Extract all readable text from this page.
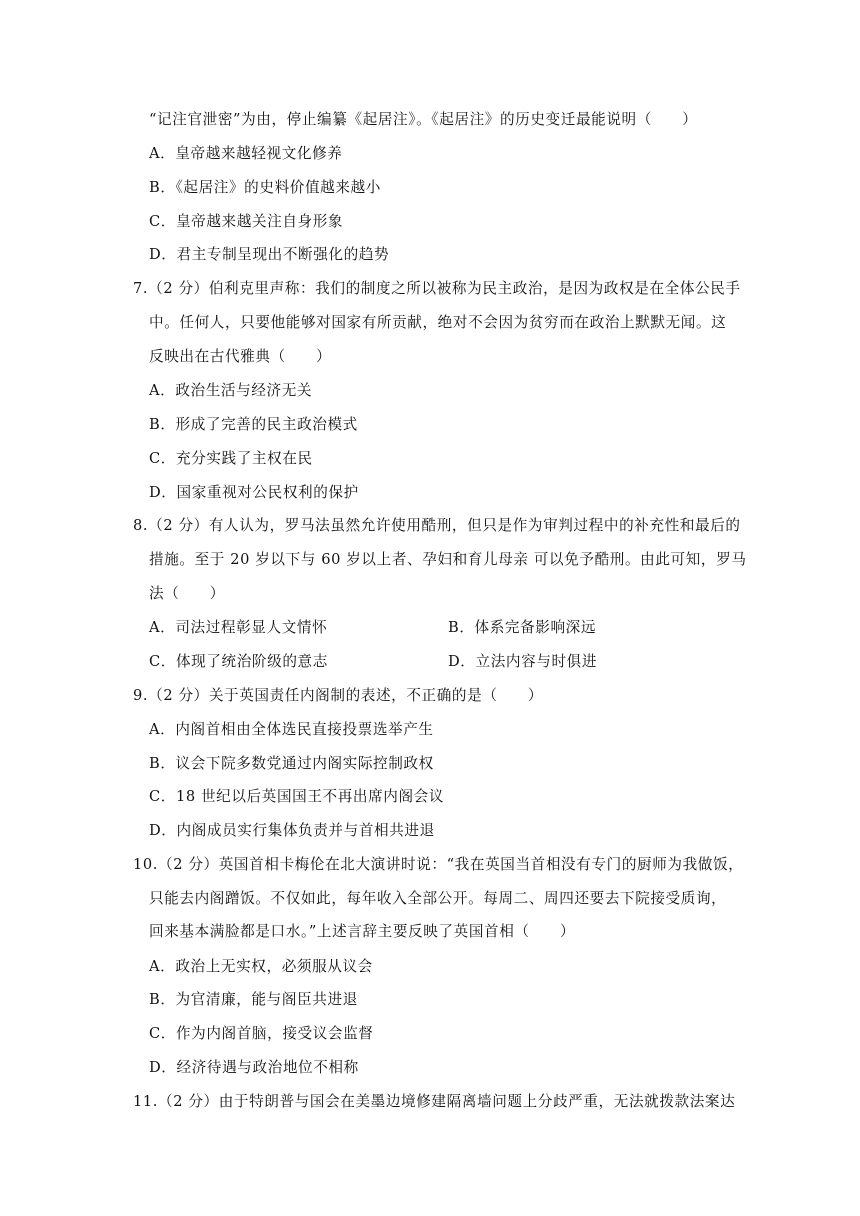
“记注官泄密”为由，停止编纂《起居注》。《起居注》的历史变迁最能说明（　　）
A．皇帝越来越轻视文化修养
B．《起居注》的史料价值越来越小
C．皇帝越来越关注自身形象
D．君主专制呈现出不断强化的趋势
7.（2 分）伯利克里声称：我们的制度之所以被称为民主政治，是因为政权是在全体公民手
中。任何人，只要他能够对国家有所贡献，绝对不会因为贫穷而在政治上默默无闻。这
反映出在古代雅典（　　）
A．政治生活与经济无关
B．形成了完善的民主政治模式
C．充分实践了主权在民
D．国家重视对公民权利的保护
8.（2 分）有人认为，罗马法虽然允许使用酷刑，但只是作为审判过程中的补充性和最后的
措施。至于 20 岁以下与 60 岁以上者、孕妇和育儿母亲 可以免予酷刑。由此可知，罗马
法（　　）
A．司法过程彰显人文情怀	B．体系完备影响深远
C．体现了统治阶级的意志	D．立法内容与时俱进
9.（2 分）关于英国责任内阁制的表述，不正确的是（　　）
A．内阁首相由全体选民直接投票选举产生
B．议会下院多数党通过内阁实际控制政权
C．18 世纪以后英国国王不再出席内阁会议
D．内阁成员实行集体负责并与首相共进退
10.（2 分）英国首相卡梅伦在北大演讲时说：“我在英国当首相没有专门的厨师为我做饭，
只能去内阁蹭饭。不仅如此，每年收入全部公开。每周二、周四还要去下院接受质询，
回来基本满脸都是口水。”上述言辞主要反映了英国首相（　　）
A．政治上无实权，必须服从议会
B．为官清廉，能与阁臣共进退
C．作为内阁首脑，接受议会监督
D．经济待遇与政治地位不相称
11.（2 分）由于特朗普与国会在美墨边境修建隔离墙问题上分歧严重，无法就拨款法案达
